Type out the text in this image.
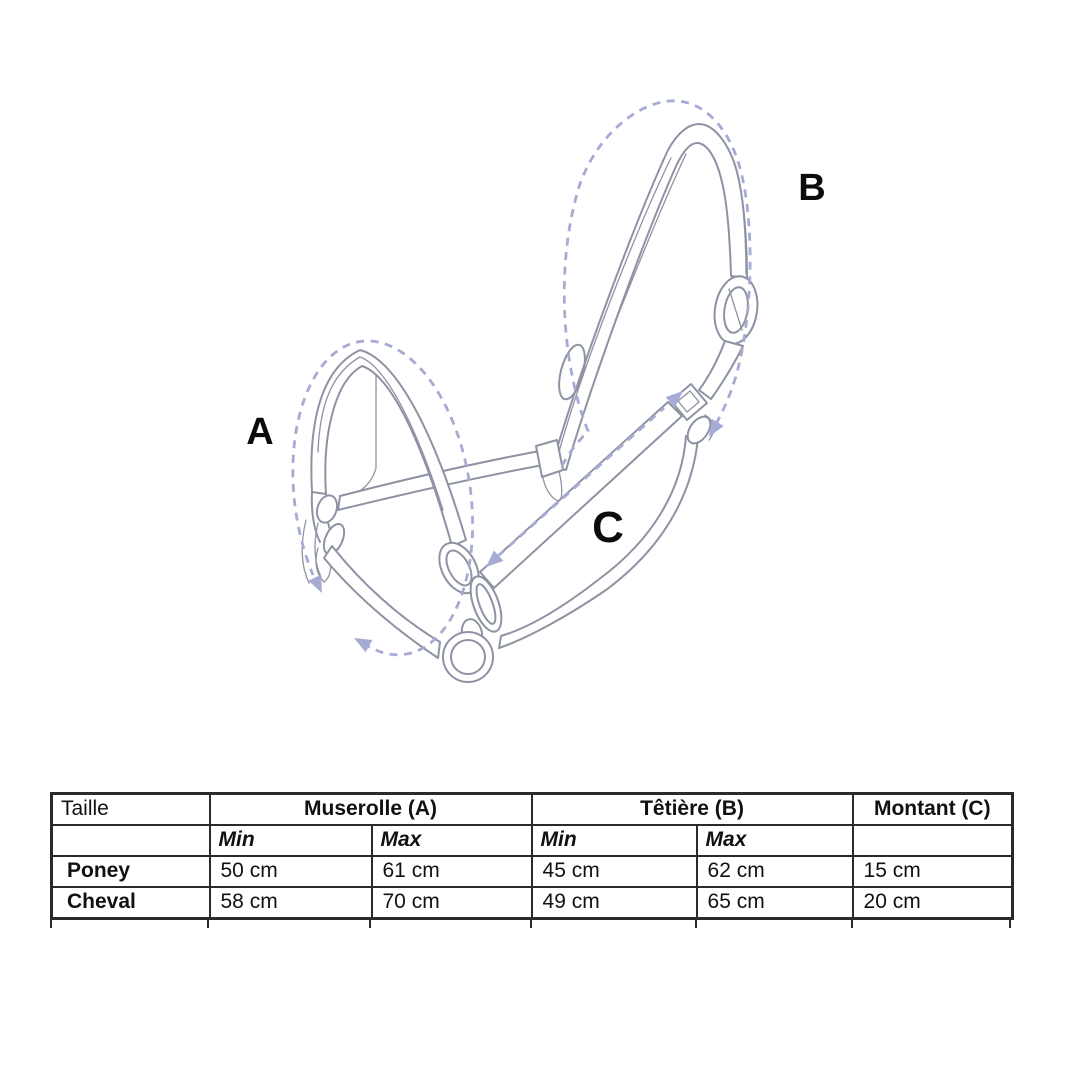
A
B
C
Taille	Muserolle (A)		Têtière (B)		Montant (C)
	Min	Max	Min	Max	
Poney	50 cm	61 cm	45 cm	62 cm	15 cm
Cheval	58 cm	70 cm	49 cm	65 cm	20 cm
